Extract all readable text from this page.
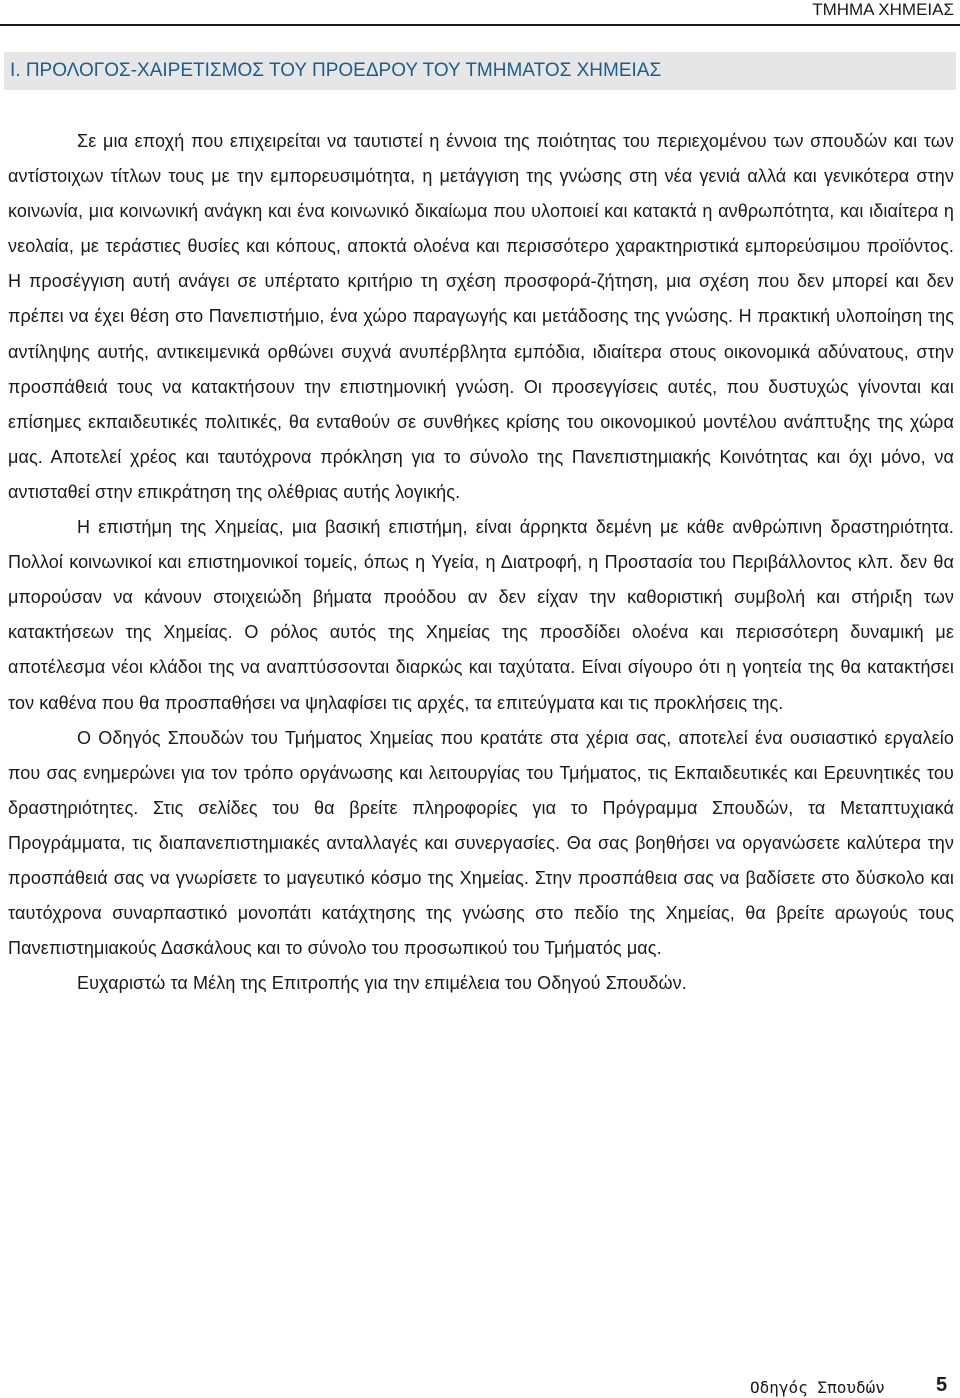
ΤΜΗΜΑ ΧΗΜΕΙΑΣ
Ι. ΠΡΟΛΟΓΟΣ-ΧΑΙΡΕΤΙΣΜΟΣ ΤΟΥ ΠΡΟΕΔΡΟΥ ΤΟΥ ΤΜΗΜΑΤΟΣ ΧΗΜΕΙΑΣ

Σε μια εποχή που επιχειρείται να ταυτιστεί η έννοια της ποιότητας του περιεχομένου των σπουδών και των αντίστοιχων τίτλων τους με την εμπορευσιμότητα, η μετάγγιση της γνώσης στη νέα γενιά αλλά και γενικότερα στην κοινωνία, μια κοινωνική ανάγκη και ένα κοινωνικό δικαίωμα που υλοποιεί και κατακτά η ανθρωπότητα, και ιδιαίτερα η νεολαία, με τεράστιες θυσίες και κόπους, αποκτά ολοένα και περισσότερο χαρακτηριστικά εμπορεύσιμου προϊόντος. Η προσέγγιση αυτή ανάγει σε υπέρτατο κριτήριο τη σχέση προσφορά-ζήτηση, μια σχέση που δεν μπορεί και δεν πρέπει να έχει θέση στο Πανεπιστήμιο, ένα χώρο παραγωγής και μετάδοσης της γνώσης. Η πρακτική υλοποίηση της αντίληψης αυτής, αντικειμενικά ορθώνει συχνά ανυπέρβλητα εμπόδια, ιδιαίτερα στους οικονομικά αδύνατους, στην προσπάθειά τους να κατακτήσουν την επιστημονική γνώση. Οι προσεγγίσεις αυτές, που δυστυχώς γίνονται και επίσημες εκπαιδευτικές πολιτικές, θα ενταθούν σε συνθήκες κρίσης του οικονομικού μοντέλου ανάπτυξης της χώρα μας. Αποτελεί χρέος και ταυτόχρονα πρόκληση για το σύνολο της Πανεπιστημιακής Κοινότητας και όχι μόνο, να αντισταθεί στην επικράτηση της ολέθριας αυτής λογικής.

Η επιστήμη της Χημείας, μια βασική επιστήμη, είναι άρρηκτα δεμένη με κάθε ανθρώπινη δραστηριότητα. Πολλοί κοινωνικοί και επιστημονικοί τομείς, όπως η Υγεία, η Διατροφή, η Προστασία του Περιβάλλοντος κλπ. δεν θα μπορούσαν να κάνουν στοιχειώδη βήματα προόδου αν δεν είχαν την καθοριστική συμβολή και στήριξη των κατακτήσεων της Χημείας. Ο ρόλος αυτός της Χημείας της προσδίδει ολοένα και περισσότερη δυναμική με αποτέλεσμα νέοι κλάδοι της να αναπτύσσονται διαρκώς και ταχύτατα. Είναι σίγουρο ότι η γοητεία της θα κατακτήσει τον καθένα που θα προσπαθήσει να ψηλαφίσει τις αρχές, τα επιτεύγματα και τις προκλήσεις της.

Ο Οδηγός Σπουδών του Τμήματος Χημείας που κρατάτε στα χέρια σας, αποτελεί ένα ουσιαστικό εργαλείο που σας ενημερώνει για τον τρόπο οργάνωσης και λειτουργίας του Τμήματος, τις Εκπαιδευτικές και Ερευνητικές του δραστηριότητες. Στις σελίδες του θα βρείτε πληροφορίες για το Πρόγραμμα Σπουδών, τα Μεταπτυχιακά Προγράμματα, τις διαπανεπιστημιακές ανταλλαγές και συνεργασίες. Θα σας βοηθήσει να οργανώσετε καλύτερα την προσπάθειά σας να γνωρίσετε το μαγευτικό κόσμο της Χημείας. Στην προσπάθεια σας να βαδίσετε στο δύσκολο και ταυτόχρονα συναρπαστικό μονοπάτι κατάχτησης της γνώσης στο πεδίο της Χημείας, θα βρείτε αρωγούς τους Πανεπιστημιακούς Δασκάλους και το σύνολο του προσωπικού του Τμήματός μας.

Ευχαριστώ τα Μέλη της Επιτροπής για την επιμέλεια του Οδηγού Σπουδών.

Οδηγός Σπουδών	5
